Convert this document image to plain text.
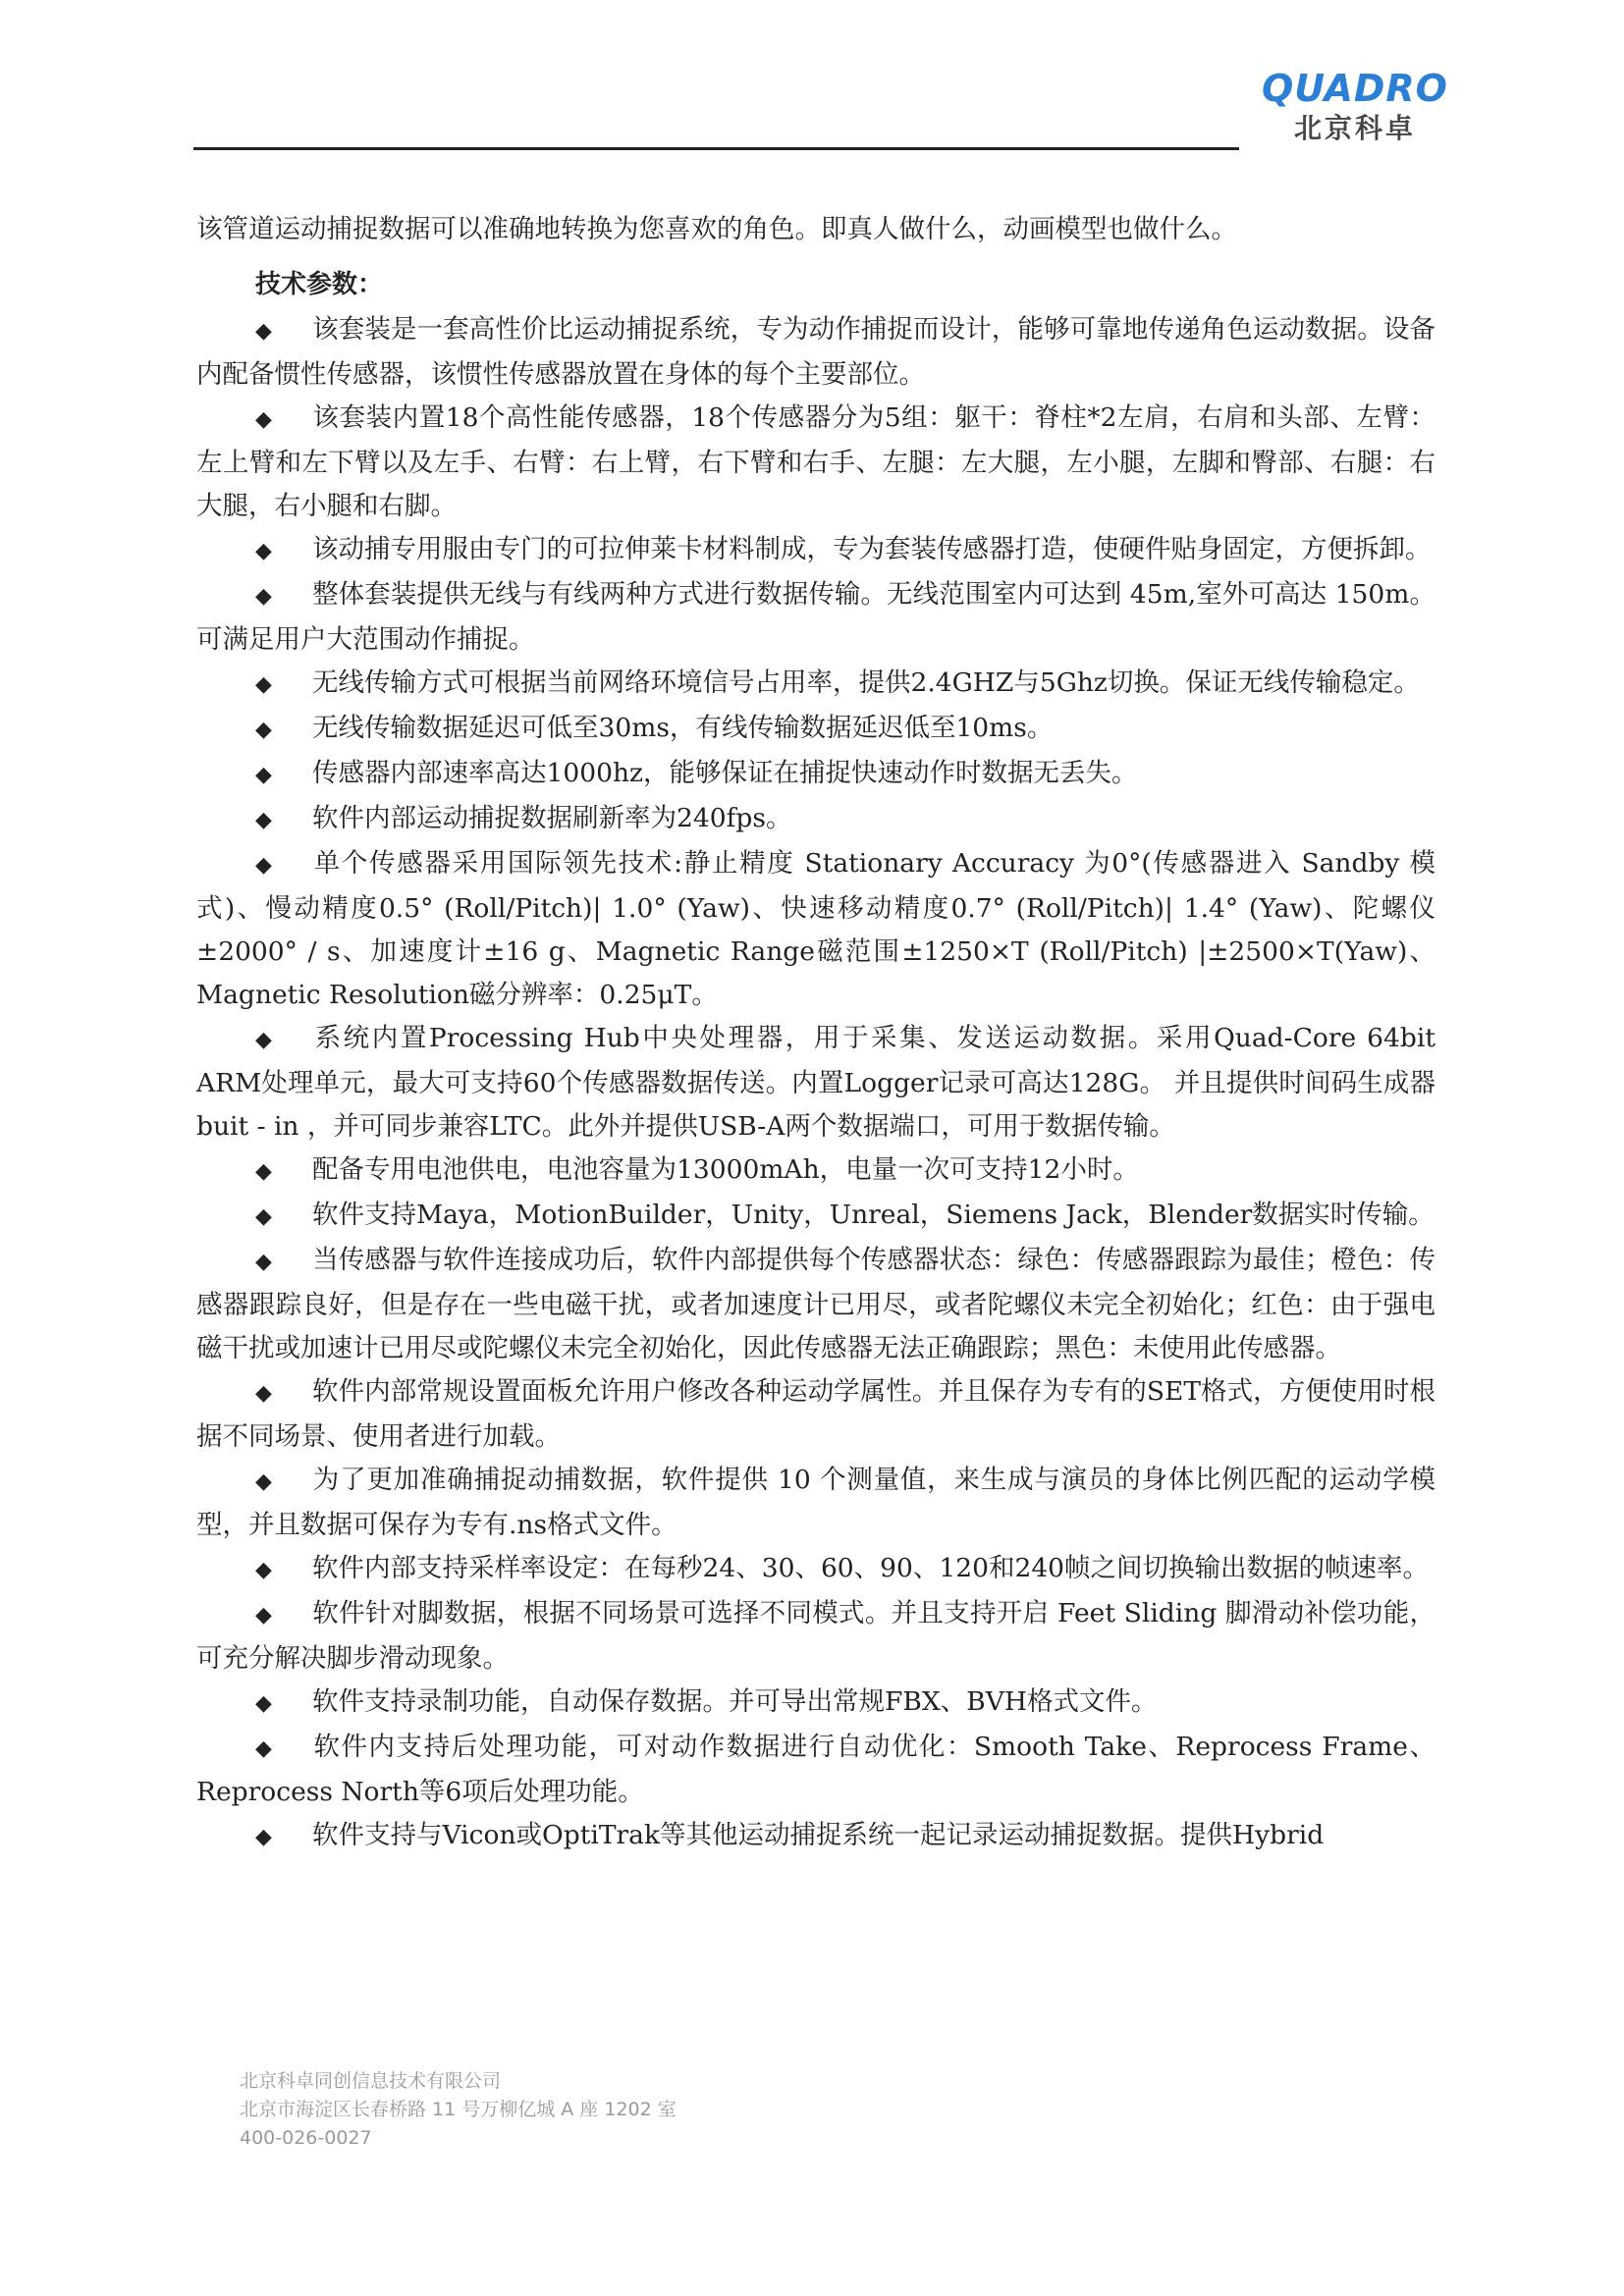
QUADRO
北京科卓

该管道运动捕捉数据可以准确地转换为您喜欢的角色。即真人做什么，动画模型也做什么。

技术参数：

◆ 该套装是一套高性价比运动捕捉系统，专为动作捕捉而设计，能够可靠地传递角色运动数据。设备内配备惯性传感器，该惯性传感器放置在身体的每个主要部位。

◆ 该套装内置18个高性能传感器，18个传感器分为5组：躯干：脊柱*2左肩，右肩和头部、左臂：左上臂和左下臂以及左手、右臂：右上臂，右下臂和右手、左腿：左大腿，左小腿，左脚和臀部、右腿：右大腿，右小腿和右脚。

◆ 该动捕专用服由专门的可拉伸莱卡材料制成，专为套装传感器打造，使硬件贴身固定，方便拆卸。

◆ 整体套装提供无线与有线两种方式进行数据传输。无线范围室内可达到 45m,室外可高达 150m。可满足用户大范围动作捕捉。

◆ 无线传输方式可根据当前网络环境信号占用率，提供2.4GHZ与5Ghz切换。保证无线传输稳定。

◆ 无线传输数据延迟可低至30ms，有线传输数据延迟低至10ms。

◆ 传感器内部速率高达1000hz，能够保证在捕捉快速动作时数据无丢失。

◆ 软件内部运动捕捉数据刷新率为240fps。

◆ 单个传感器采用国际领先技术:静止精度 Stationary Accuracy 为0°(传感器进入 Sandby 模式)、慢动精度0.5° (Roll/Pitch)| 1.0° (Yaw)、快速移动精度0.7° (Roll/Pitch)| 1.4° (Yaw)、陀螺仪±2000° / s、加速度计±16 g、Magnetic Range磁范围±1250×T (Roll/Pitch) |±2500×T(Yaw)、Magnetic Resolution磁分辨率：0.25μT。

◆ 系统内置Processing Hub中央处理器，用于采集、发送运动数据。采用Quad-Core 64bit ARM处理单元，最大可支持60个传感器数据传送。内置Logger记录可高达128G。 并且提供时间码生成器buit - in ，并可同步兼容LTC。此外并提供USB-A两个数据端口，可用于数据传输。

◆ 配备专用电池供电，电池容量为13000mAh，电量一次可支持12小时。

◆ 软件支持Maya，MotionBuilder，Unity，Unreal，Siemens Jack，Blender数据实时传输。

◆ 当传感器与软件连接成功后，软件内部提供每个传感器状态：绿色：传感器跟踪为最佳；橙色：传感器跟踪良好，但是存在一些电磁干扰，或者加速度计已用尽，或者陀螺仪未完全初始化；红色：由于强电磁干扰或加速计已用尽或陀螺仪未完全初始化，因此传感器无法正确跟踪；黑色：未使用此传感器。

◆ 软件内部常规设置面板允许用户修改各种运动学属性。并且保存为专有的SET格式，方便使用时根据不同场景、使用者进行加载。

◆ 为了更加准确捕捉动捕数据，软件提供 10 个测量值，来生成与演员的身体比例匹配的运动学模型，并且数据可保存为专有.ns格式文件。

◆ 软件内部支持采样率设定：在每秒24、30、60、90、120和240帧之间切换输出数据的帧速率。

◆ 软件针对脚数据，根据不同场景可选择不同模式。并且支持开启 Feet Sliding 脚滑动补偿功能，可充分解决脚步滑动现象。

◆ 软件支持录制功能，自动保存数据。并可导出常规FBX、BVH格式文件。

◆ 软件内支持后处理功能，可对动作数据进行自动优化：Smooth Take、Reprocess Frame、Reprocess North等6项后处理功能。

◆ 软件支持与Vicon或OptiTrak等其他运动捕捉系统一起记录运动捕捉数据。提供Hybrid

北京科卓同创信息技术有限公司
北京市海淀区长春桥路 11 号万柳亿城 A 座 1202 室
400-026-0027
